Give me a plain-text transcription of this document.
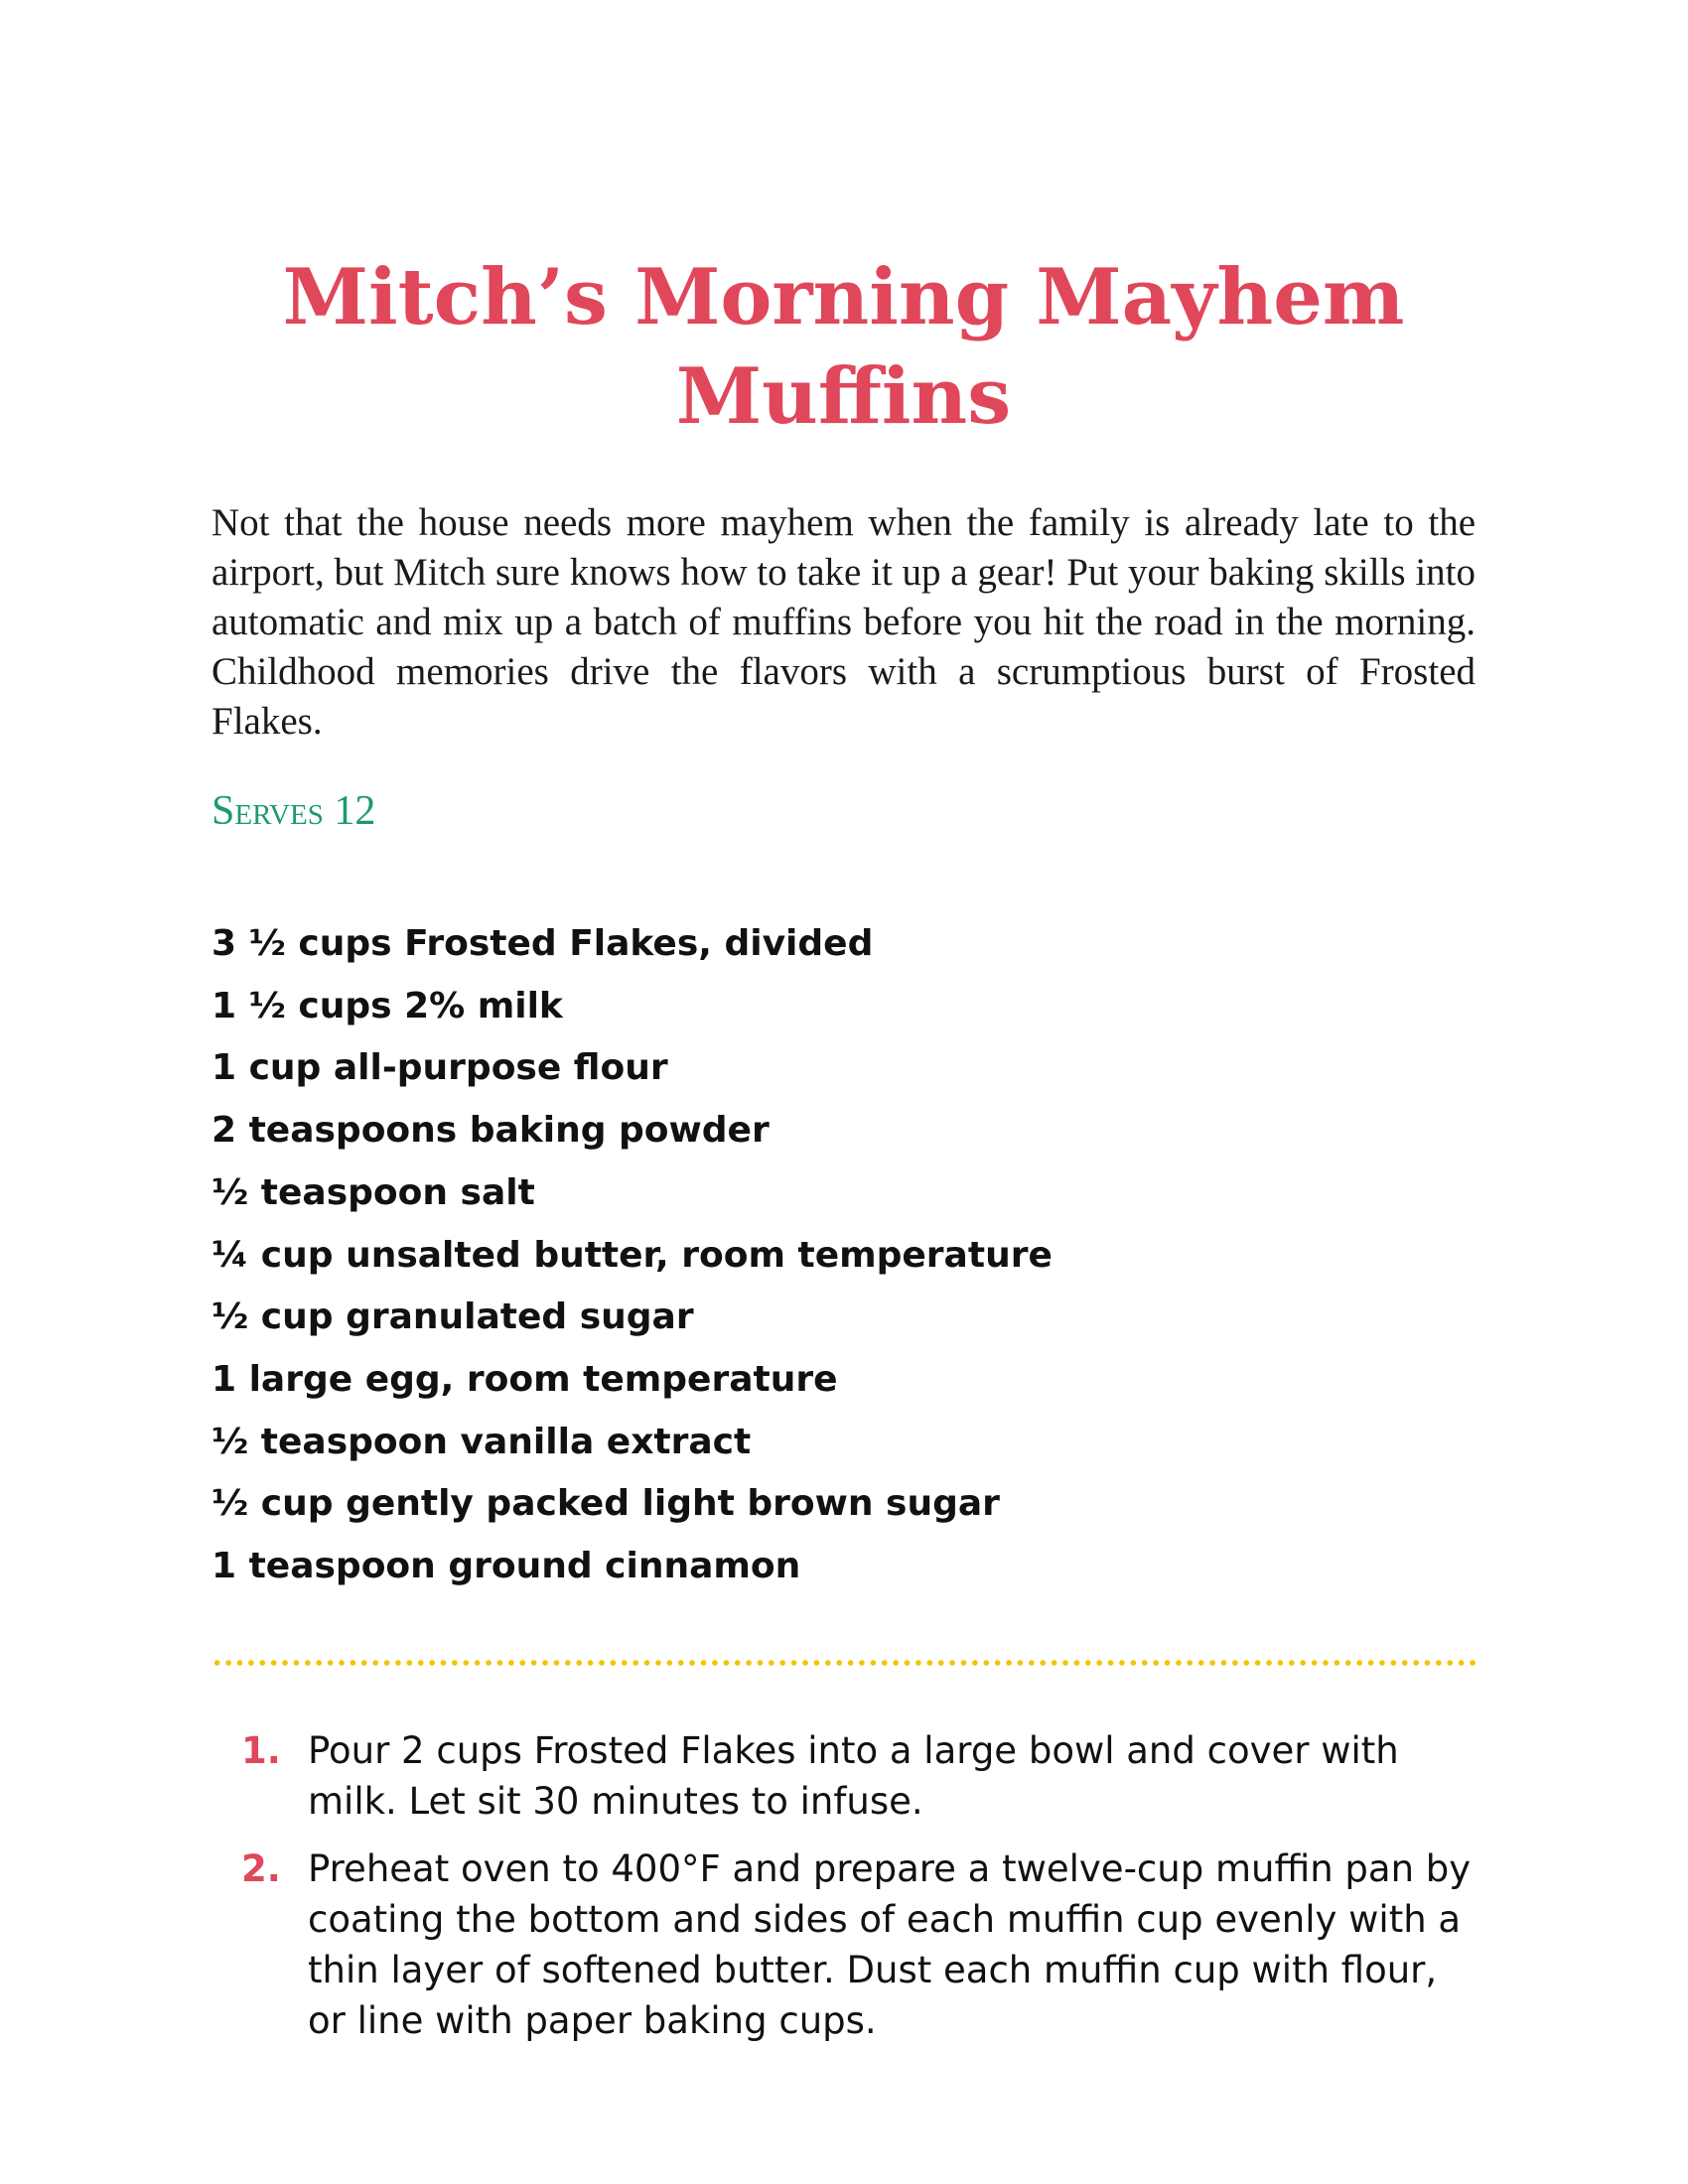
Mitch’s Morning Mayhem Muffins

Not that the house needs more mayhem when the family is already late to the airport, but Mitch sure knows how to take it up a gear! Put your baking skills into automatic and mix up a batch of muffins before you hit the road in the morning. Childhood memories drive the flavors with a scrumptious burst of Frosted Flakes.

Serves 12

3 ½ cups Frosted Flakes, divided
1 ½ cups 2% milk
1 cup all-purpose flour
2 teaspoons baking powder
½ teaspoon salt
¼ cup unsalted butter, room temperature
½ cup granulated sugar
1 large egg, room temperature
½ teaspoon vanilla extract
½ cup gently packed light brown sugar
1 teaspoon ground cinnamon
1. Pour 2 cups Frosted Flakes into a large bowl and cover with milk. Let sit 30 minutes to infuse.
2. Preheat oven to 400°F and prepare a twelve-cup muffin pan by coating the bottom and sides of each muffin cup evenly with a thin layer of softened butter. Dust each muffin cup with flour, or line with paper baking cups.
